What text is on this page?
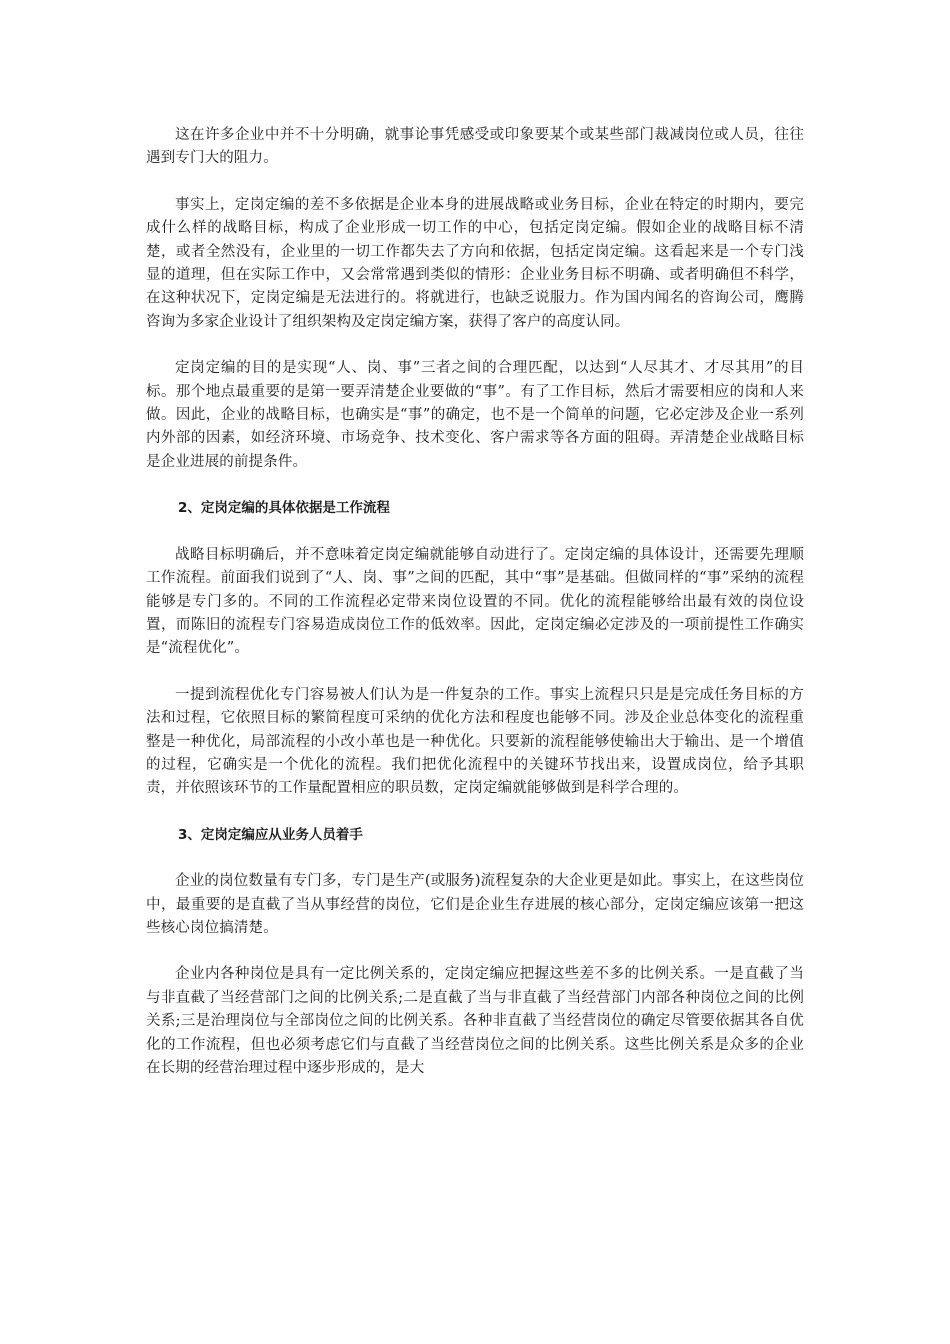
这在许多企业中并不十分明确，就事论事凭感受或印象要某个或某些部门裁减岗位或人员，往往遇到专门大的阻力。

事实上，定岗定编的差不多依据是企业本身的进展战略或业务目标，企业在特定的时期内，要完成什么样的战略目标，构成了企业形成一切工作的中心，包括定岗定编。假如企业的战略目标不清楚，或者全然没有，企业里的一切工作都失去了方向和依据，包括定岗定编。这看起来是一个专门浅显的道理，但在实际工作中，又会常常遇到类似的情形：企业业务目标不明确、或者明确但不科学，在这种状况下，定岗定编是无法进行的。将就进行，也缺乏说服力。作为国内闻名的咨询公司，鹰腾咨询为多家企业设计了组织架构及定岗定编方案，获得了客户的高度认同。

定岗定编的目的是实现“人、岗、事”三者之间的合理匹配，以达到“人尽其才、才尽其用”的目标。那个地点最重要的是第一要弄清楚企业要做的“事”。有了工作目标，然后才需要相应的岗和人来做。因此，企业的战略目标，也确实是“事”的确定，也不是一个简单的问题，它必定涉及企业一系列内外部的因素，如经济环境、市场竞争、技术变化、客户需求等各方面的阻碍。弄清楚企业战略目标是企业进展的前提条件。

2、定岗定编的具体依据是工作流程

战略目标明确后，并不意味着定岗定编就能够自动进行了。定岗定编的具体设计，还需要先理顺工作流程。前面我们说到了“人、岗、事”之间的匹配，其中“事”是基础。但做同样的“事”采纳的流程能够是专门多的。不同的工作流程必定带来岗位设置的不同。优化的流程能够给出最有效的岗位设置，而陈旧的流程专门容易造成岗位工作的低效率。因此，定岗定编必定涉及的一项前提性工作确实是“流程优化”。

一提到流程优化专门容易被人们认为是一件复杂的工作。事实上流程只只是是完成任务目标的方法和过程，它依照目标的繁简程度可采纳的优化方法和程度也能够不同。涉及企业总体变化的流程重整是一种优化，局部流程的小改小革也是一种优化。只要新的流程能够使输出大于输出、是一个增值的过程，它确实是一个优化的流程。我们把优化流程中的关键环节找出来，设置成岗位，给予其职责，并依照该环节的工作量配置相应的职员数，定岗定编就能够做到是科学合理的。

3、定岗定编应从业务人员着手

企业的岗位数量有专门多，专门是生产(或服务)流程复杂的大企业更是如此。事实上，在这些岗位中，最重要的是直截了当从事经营的岗位，它们是企业生存进展的核心部分，定岗定编应该第一把这些核心岗位搞清楚。

企业内各种岗位是具有一定比例关系的，定岗定编应把握这些差不多的比例关系。一是直截了当与非直截了当经营部门之间的比例关系;二是直截了当与非直截了当经营部门内部各种岗位之间的比例关系;三是治理岗位与全部岗位之间的比例关系。各种非直截了当经营岗位的确定尽管要依据其各自优化的工作流程，但也必须考虑它们与直截了当经营岗位之间的比例关系。这些比例关系是众多的企业在长期的经营治理过程中逐步形成的，是大
